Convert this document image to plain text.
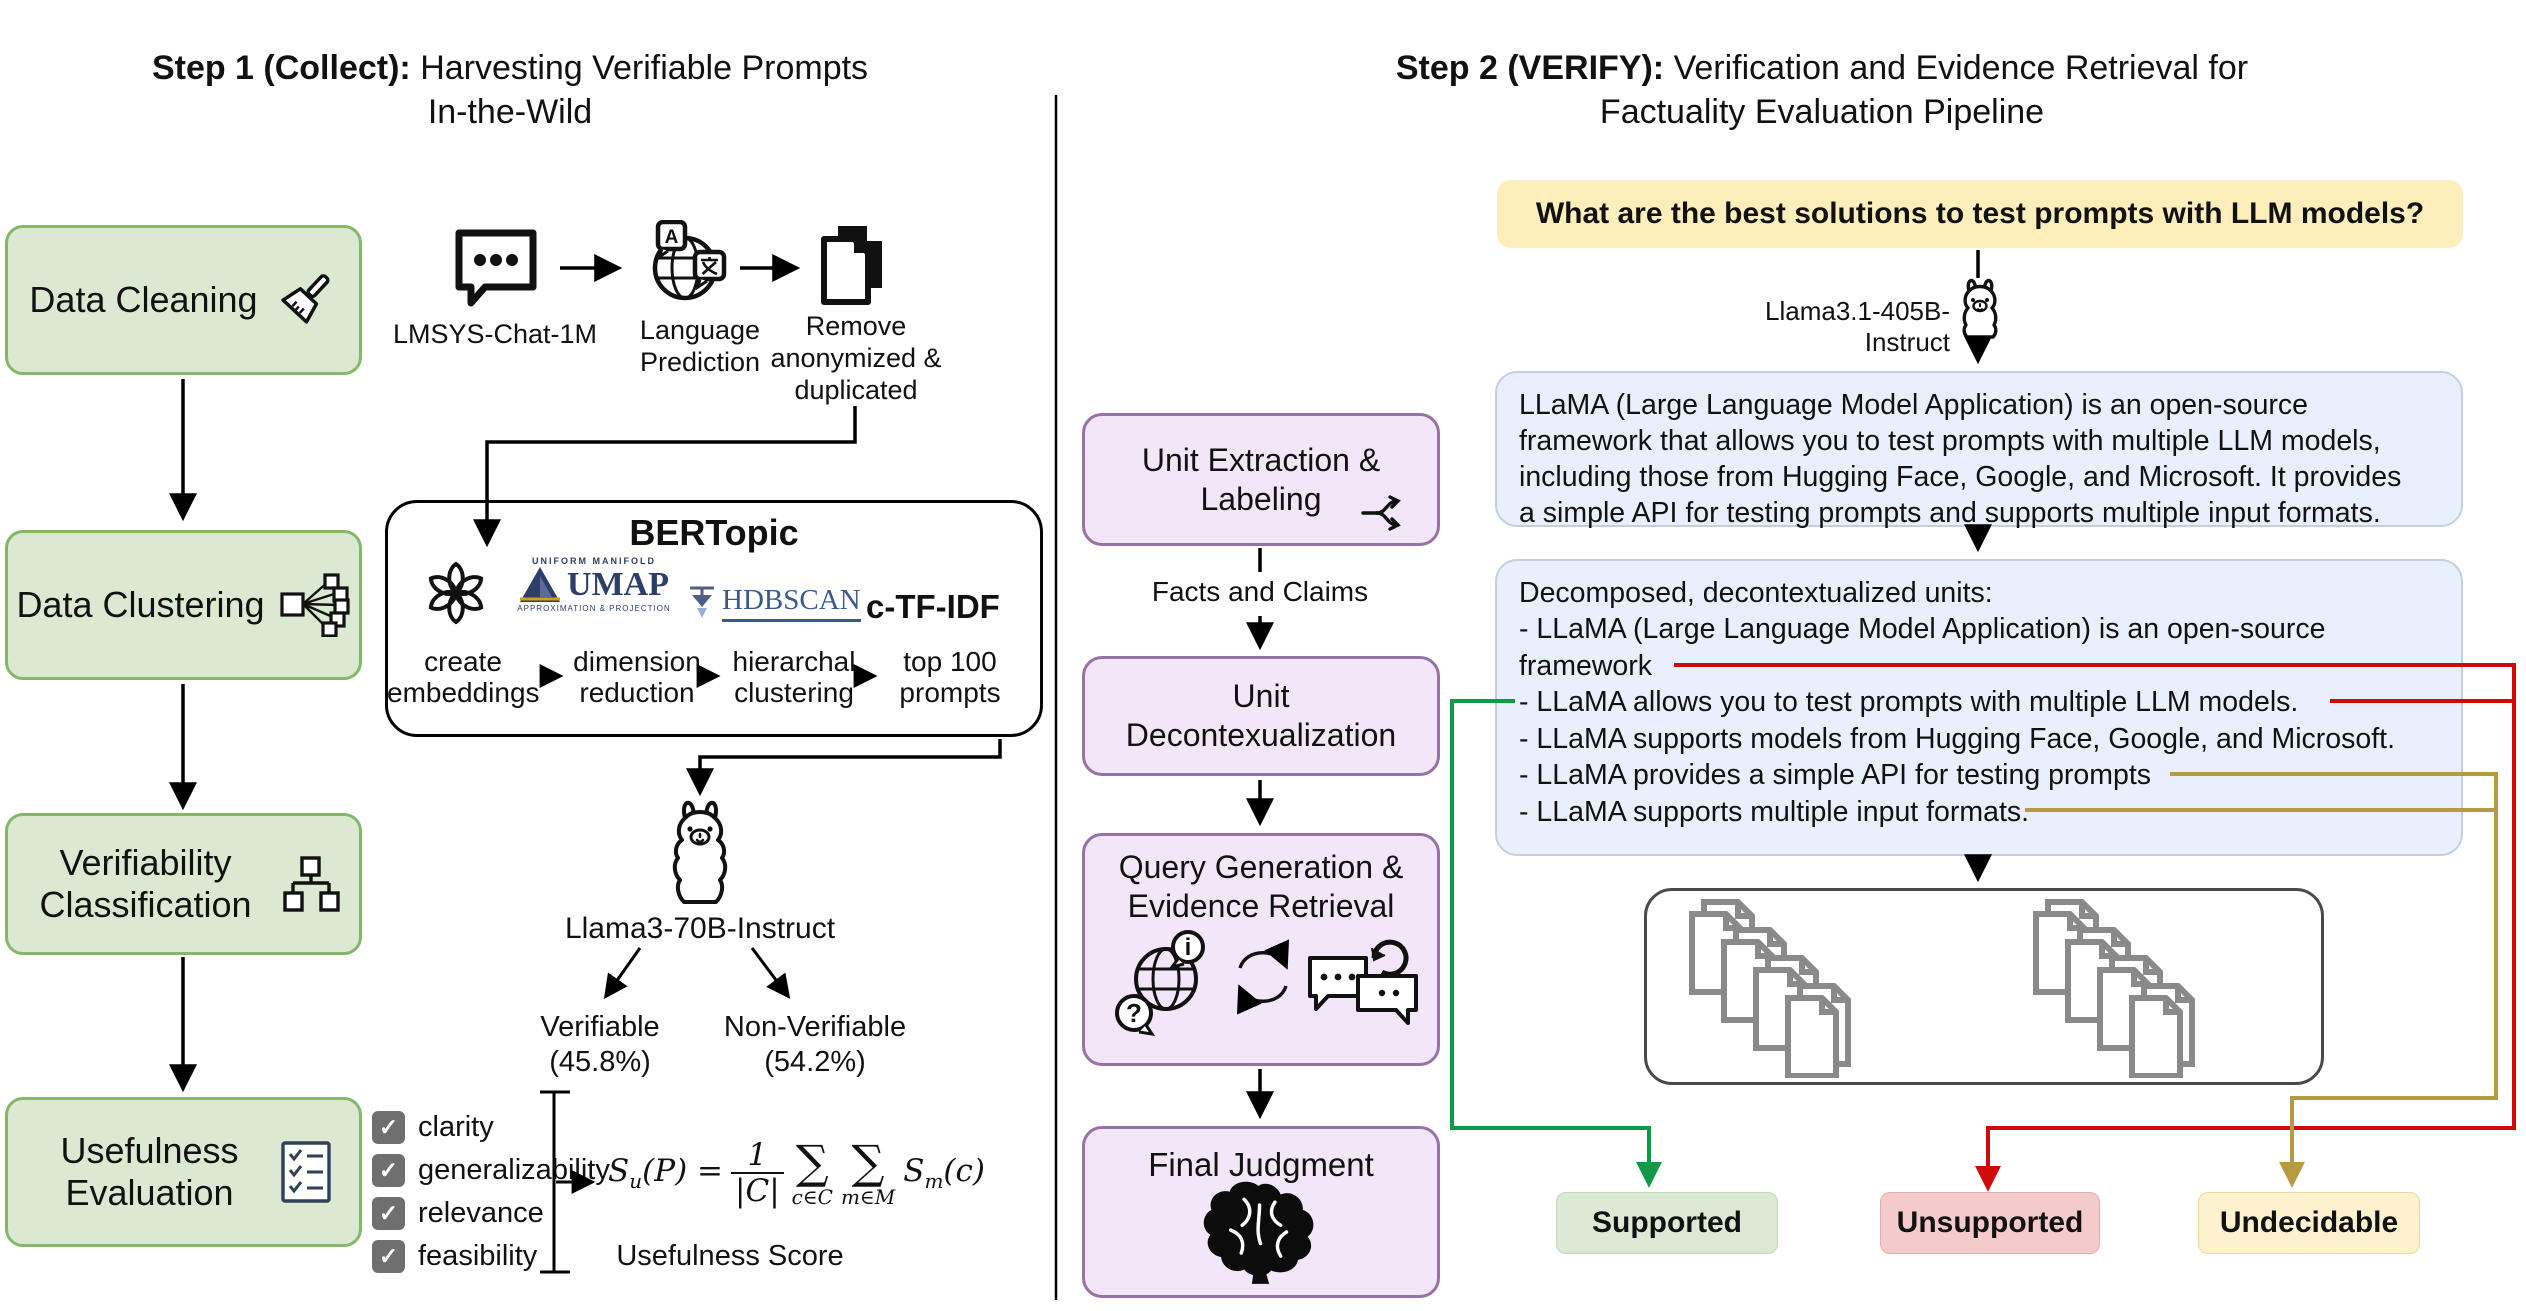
Step 1 (Collect): Harvesting Verifiable Prompts
In-the-Wild
Data Cleaning
Data Clustering
Verifiability Classification
Usefulness Evaluation
LMSYS-Chat-1M
A
Language Prediction
Remove anonymized & duplicated
BERTopic
UNIFORM MANIFOLD
UMAP
APPROXIMATION & PROJECTION HDBSCAN c-TF-IDF
create embeddings
dimension reduction
hierarchal clustering
top 100 prompts
Llama3-70B-Instruct
Verifiable
(45.8%)
Non-Verifiable
(54.2%)
✓ clarity
✓ generalizability
✓ relevance
✓ feasibility
$S_u(P) = \frac{1}{|C|}$ ∑
c∈C
∑
m∈M
$S_m(c)$
Usefulness Score
Step 2 (VERIFY): Verification and Evidence Retrieval for
Factuality Evaluation Pipeline
Unit Extraction & Labeling
Facts and Claims
Unit Decontexualization
Query Generation & Evidence Retrieval
i
?
Final Judgment
What are the best solutions to test prompts with LLM models?
Llama3.1-405B-Instruct
LLaMA (Large Language Model Application) is an open-source
framework that allows you to test prompts with multiple LLM models,
including those from Hugging Face, Google, and Microsoft. It provides
a simple API for testing prompts and supports multiple input formats.
Decomposed, decontextualized units:
- LLaMA (Large Language Model Application) is an open-source
framework
- LLaMA allows you to test prompts with multiple LLM models.
- LLaMA supports models from Hugging Face, Google, and Microsoft.
- LLaMA provides a simple API for testing prompts
- LLaMA supports multiple input formats.
Supported	Unsupported	Undecidable
